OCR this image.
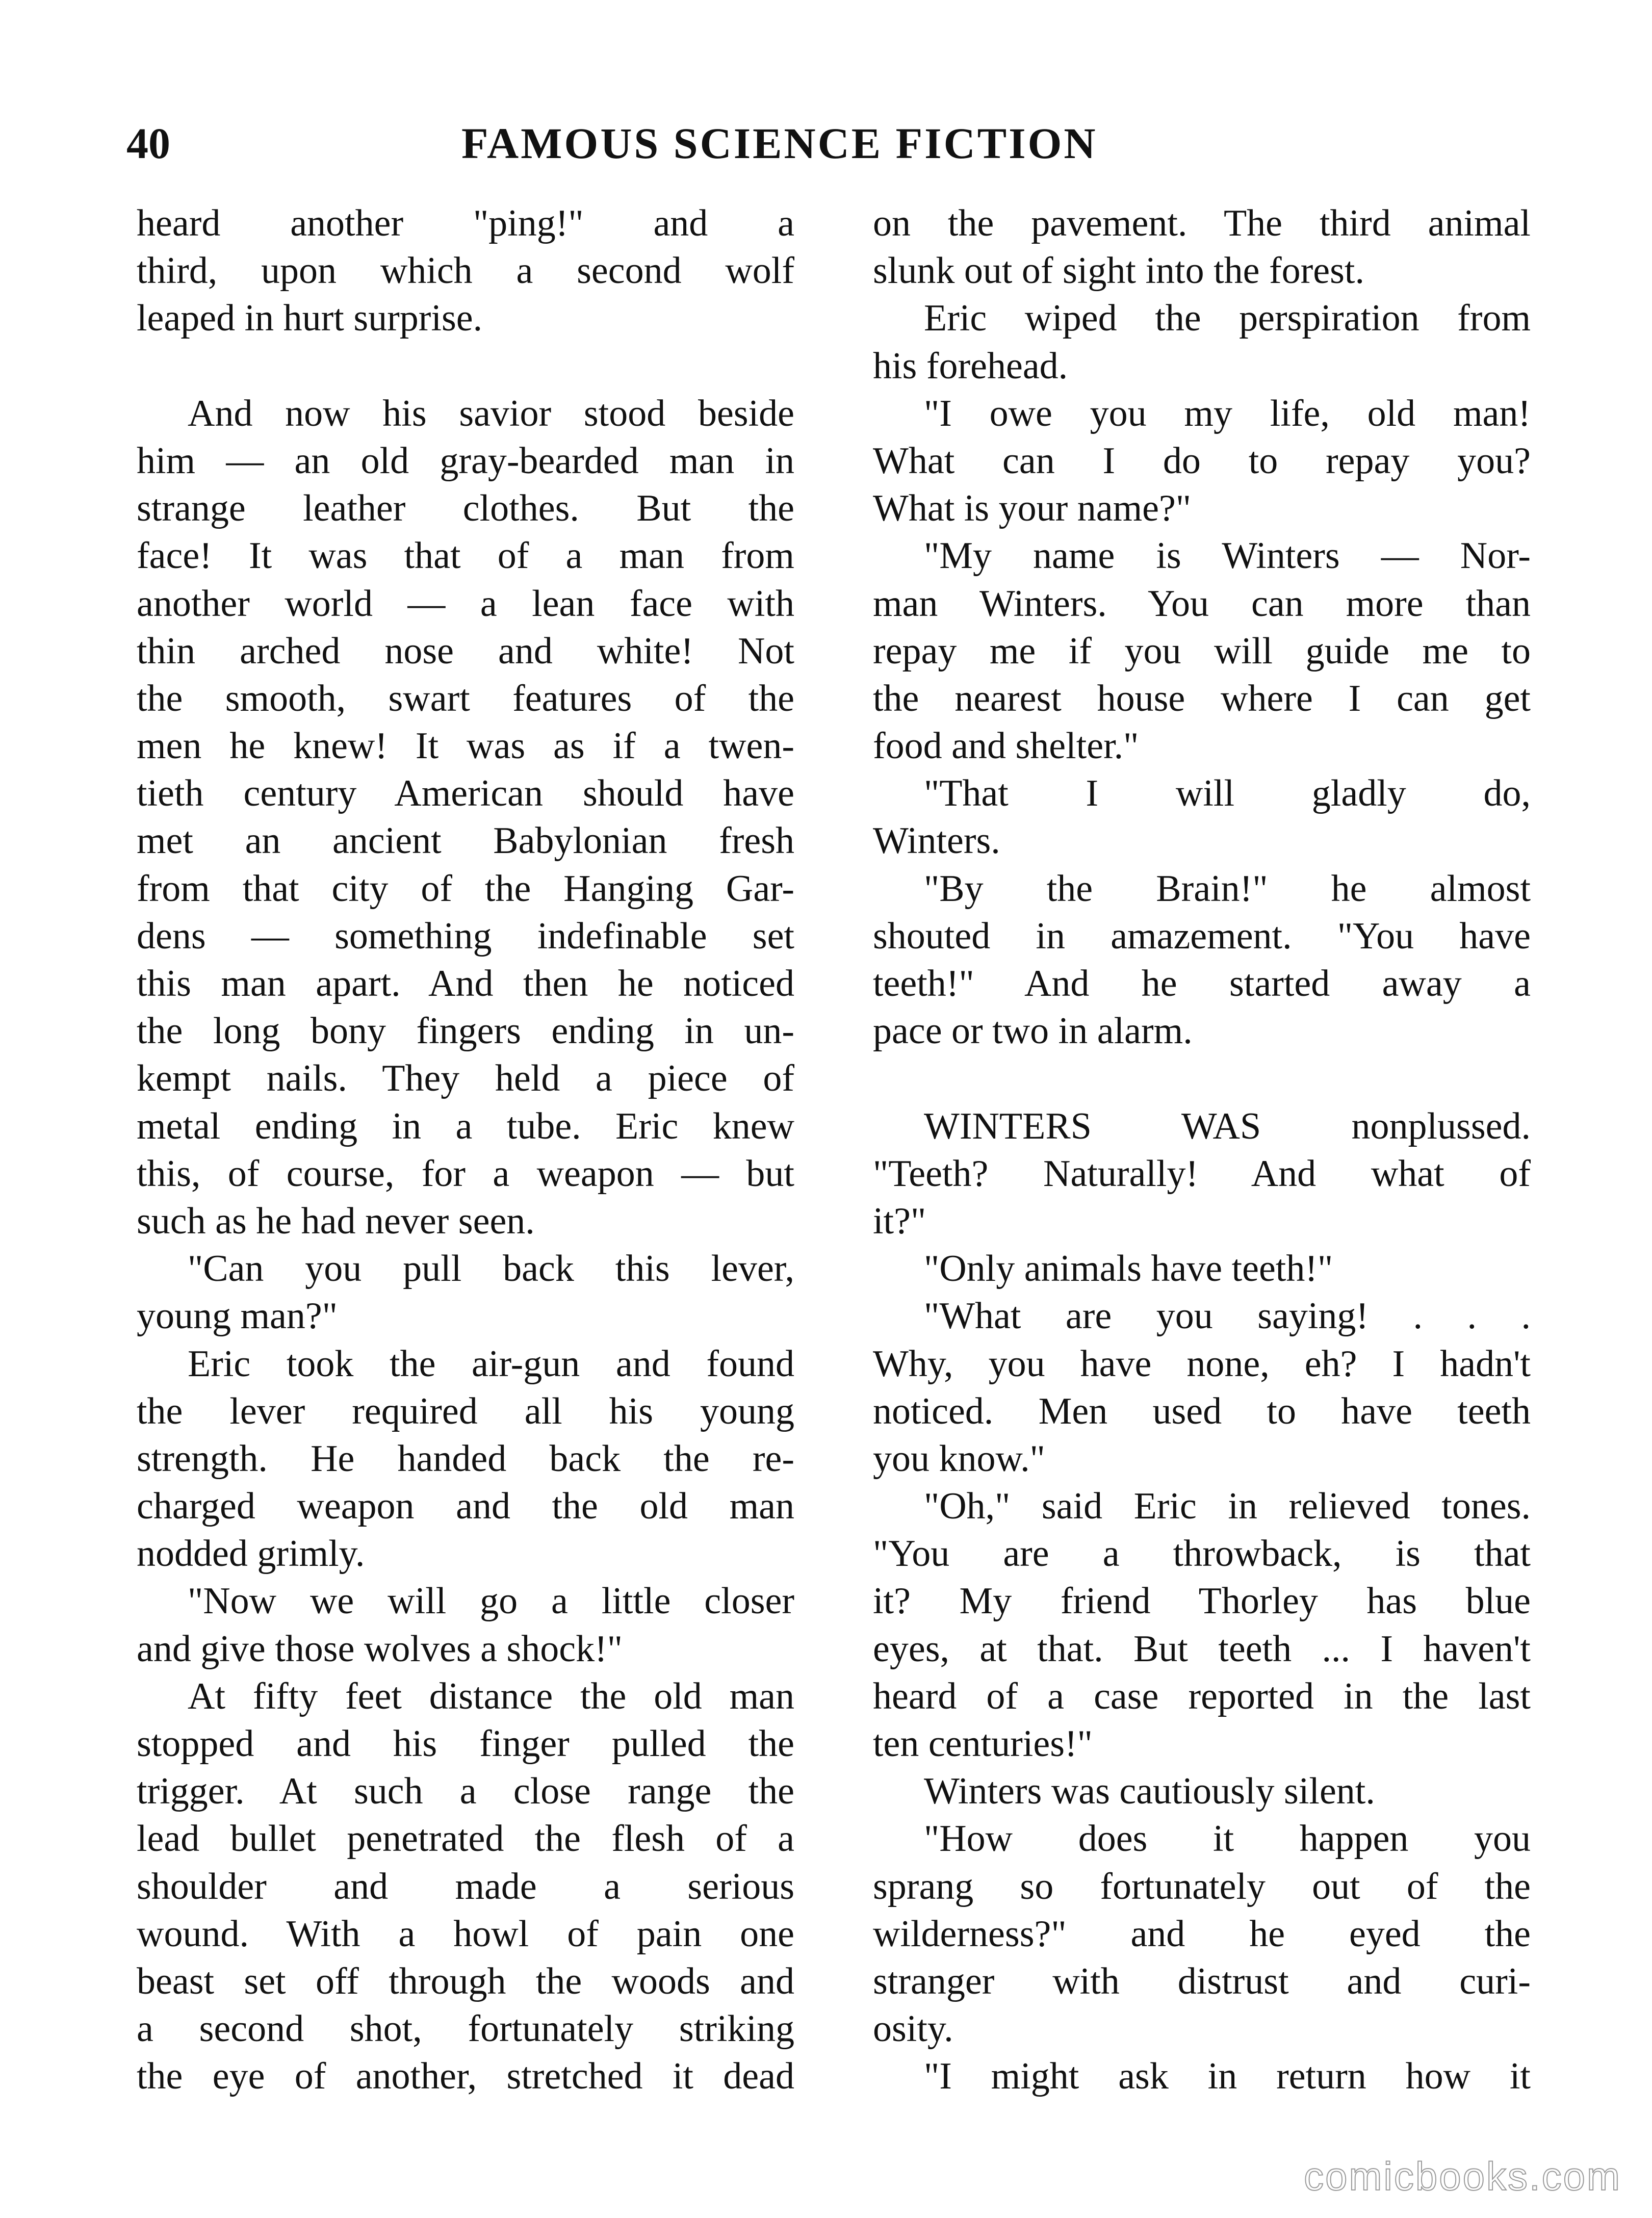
40	FAMOUS SCIENCE FICTION
heard another "ping!" and a
third, upon which a second wolf
leaped in hurt surprise.
And now his savior stood beside
him — an old gray-bearded man in
strange leather clothes. But the
face! It was that of a man from
another world — a lean face with
thin arched nose and white! Not
the smooth, swart features of the
men he knew! It was as if a twen-
tieth century American should have
met an ancient Babylonian fresh
from that city of the Hanging Gar-
dens — something indefinable set
this man apart. And then he noticed
the long bony fingers ending in un-
kempt nails. They held a piece of
metal ending in a tube. Eric knew
this, of course, for a weapon — but
such as he had never seen.
"Can you pull back this lever,
young man?"
Eric took the air-gun and found
the lever required all his young
strength. He handed back the re-
charged weapon and the old man
nodded grimly.
"Now we will go a little closer
and give those wolves a shock!"
At fifty feet distance the old man
stopped and his finger pulled the
trigger. At such a close range the
lead bullet penetrated the flesh of a
shoulder and made a serious
wound. With a howl of pain one
beast set off through the woods and
a second shot, fortunately striking
the eye of another, stretched it dead
on the pavement. The third animal
slunk out of sight into the forest.
Eric wiped the perspiration from
his forehead.
"I owe you my life, old man!
What can I do to repay you?
What is your name?"
"My name is Winters — Nor-
man Winters. You can more than
repay me if you will guide me to
the nearest house where I can get
food and shelter."
"That I will gladly do,
Winters.
"By the Brain!" he almost
shouted in amazement. "You have
teeth!" And he started away a
pace or two in alarm.
WINTERS WAS nonplussed.
"Teeth? Naturally! And what of
it?"
"Only animals have teeth!"
"What are you saying! . . .
Why, you have none, eh? I hadn't
noticed. Men used to have teeth
you know."
"Oh," said Eric in relieved tones.
"You are a throwback, is that
it? My friend Thorley has blue
eyes, at that. But teeth ... I haven't
heard of a case reported in the last
ten centuries!"
Winters was cautiously silent.
"How does it happen you
sprang so fortunately out of the
wilderness?" and he eyed the
stranger with distrust and curi-
osity.
"I might ask in return how it
comicbooks.com
